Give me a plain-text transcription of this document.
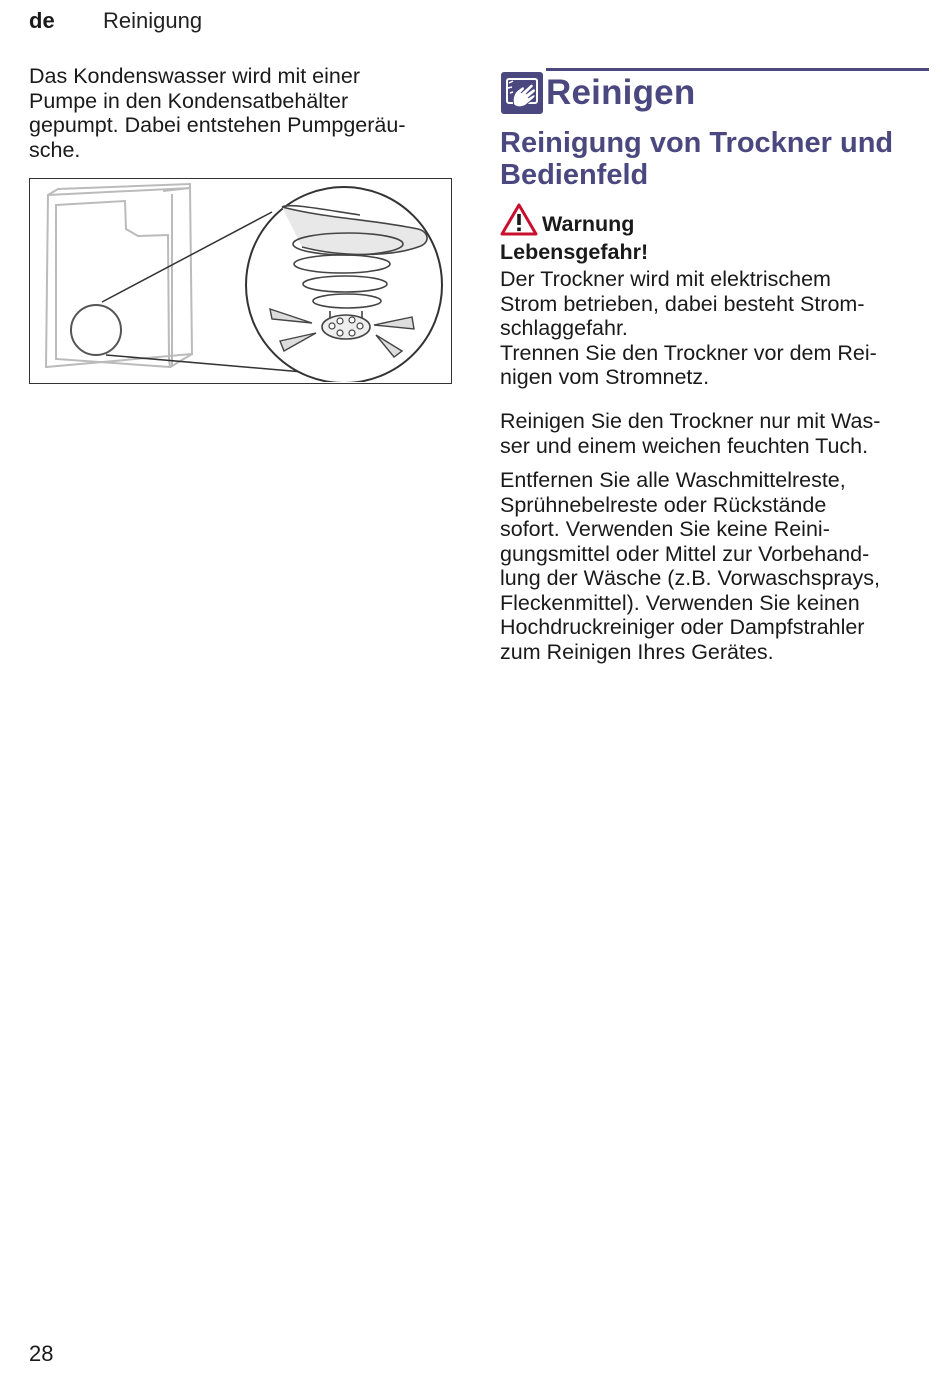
de Reinigung

Das Kondenswasser wird mit einer
Pumpe in den Kondensatbehälter
gepumpt. Dabei entstehen Pumpgeräu-
sche.

Reinigen
Reinigung von Trockner und
Bedienfeld
Warnung

Lebensgefahr!

Der Trockner wird mit elektrischem
Strom betrieben, dabei besteht Strom-
schlaggefahr.
Trennen Sie den Trockner vor dem Rei-
nigen vom Stromnetz.

Reinigen Sie den Trockner nur mit Was-
ser und einem weichen feuchten Tuch.

Entfernen Sie alle Waschmittelreste,
Sprühnebelreste oder Rückstände
sofort. Verwenden Sie keine Reini-
gungsmittel oder Mittel zur Vorbehand-
lung der Wäsche (z.B. Vorwaschsprays,
Fleckenmittel). Verwenden Sie keinen
Hochdruckreiniger oder Dampfstrahler
zum Reinigen Ihres Gerätes.

28
